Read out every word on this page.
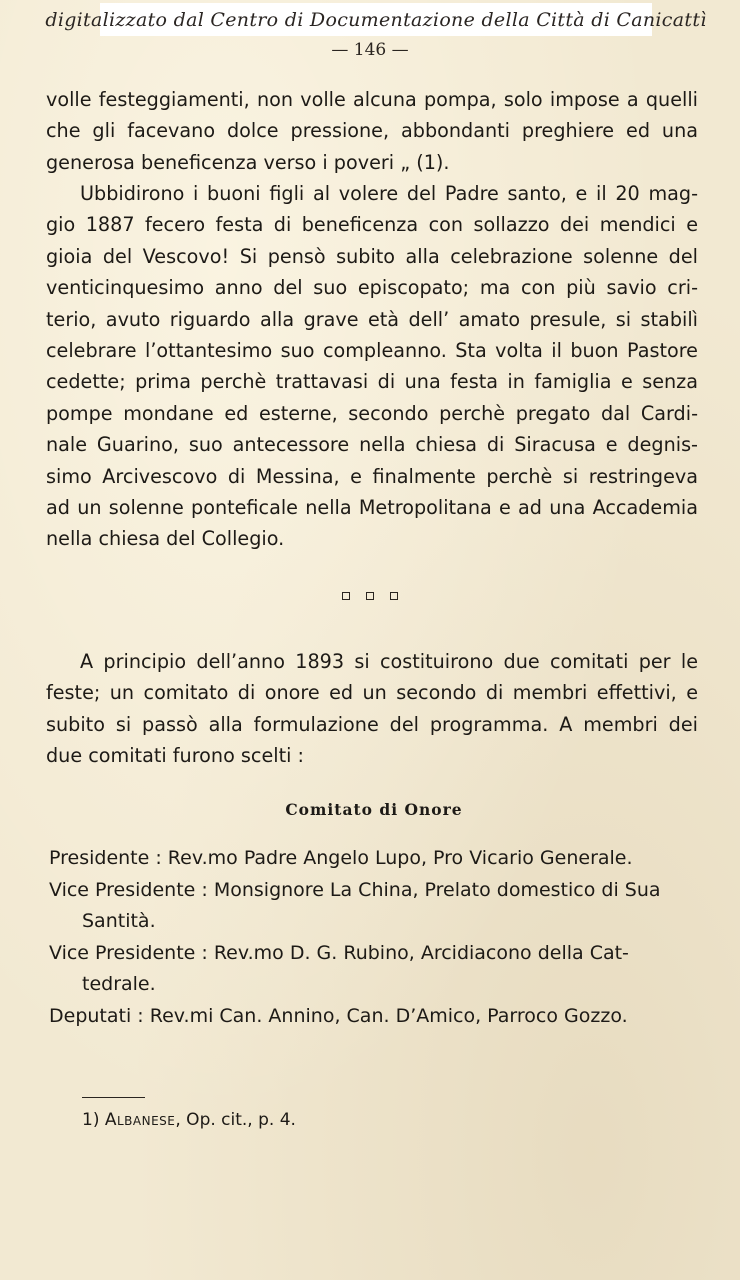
digitalizzato dal Centro di Documentazione della Città di Canicattì
— 146 —
volle festeggiamenti, non volle alcuna pompa, solo impose a quelli
che gli facevano dolce pressione, abbondanti preghiere ed una
generosa beneficenza verso i poveri „ (1).
Ubbidirono i buoni figli al volere del Padre santo, e il 20 mag-
gio 1887 fecero festa di beneficenza con sollazzo dei mendici e
gioia del Vescovo! Si pensò subito alla celebrazione solenne del
venticinquesimo anno del suo episcopato; ma con più savio cri-
terio, avuto riguardo alla grave età dell’ amato presule, si stabilì
celebrare l’ottantesimo suo compleanno. Sta volta il buon Pastore
cedette; prima perchè trattavasi di una festa in famiglia e senza
pompe mondane ed esterne, secondo perchè pregato dal Cardi-
nale Guarino, suo antecessore nella chiesa di Siracusa e degnis-
simo Arcivescovo di Messina, e finalmente perchè si restringeva
ad un solenne ponteficale nella Metropolitana e ad una Accademia
nella chiesa del Collegio.
A principio dell’anno 1893 si costituirono due comitati per le
feste; un comitato di onore ed un secondo di membri effettivi, e
subito si passò alla formulazione del programma. A membri dei
due comitati furono scelti :
Comitato di Onore
Presidente : Rev.mo Padre Angelo Lupo, Pro Vicario Generale.
Vice Presidente : Monsignore La China, Prelato domestico di Sua
Santità.
Vice Presidente : Rev.mo D. G. Rubino, Arcidiacono della Cat-
tedrale.
Deputati : Rev.mi Can. Annino, Can. D’Amico, Parroco Gozzo.
1) Albanese, Op. cit., p. 4.
